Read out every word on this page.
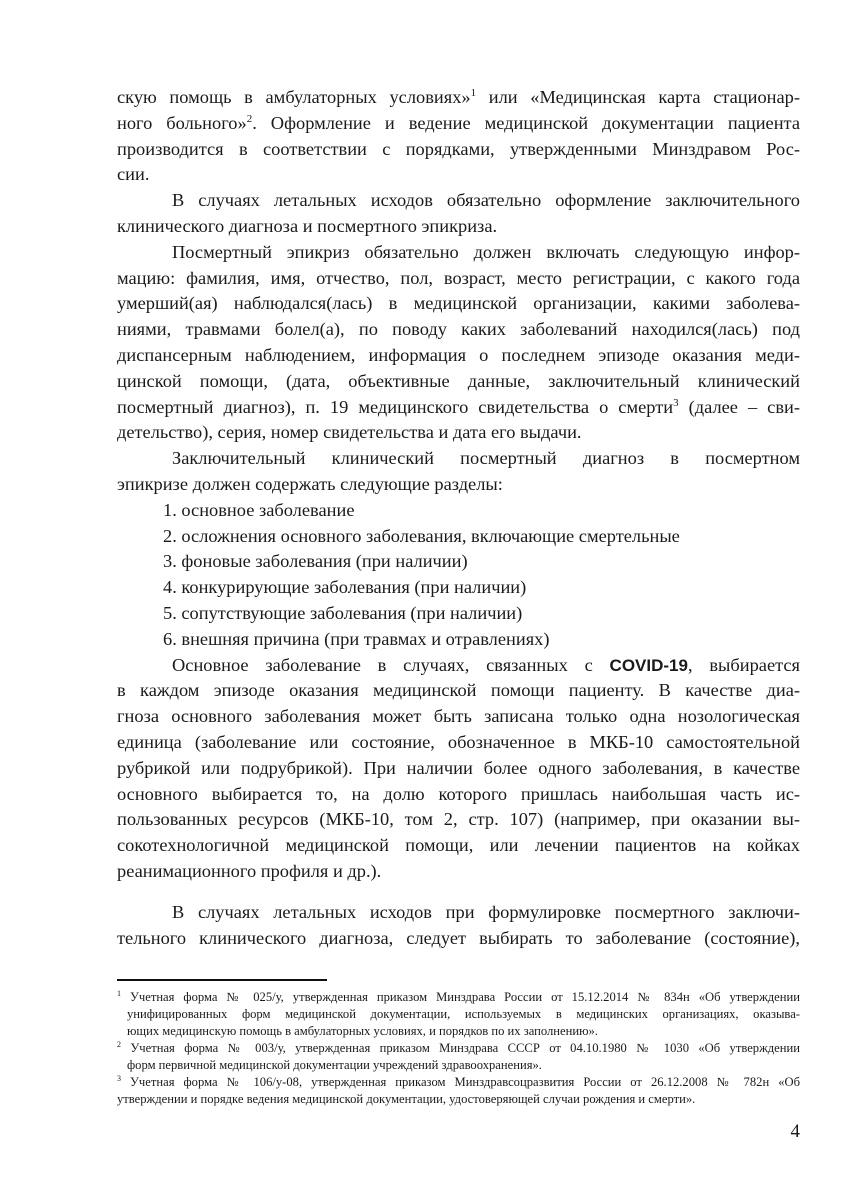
скую помощь в амбулаторных условиях»$^1$ или «Медицинская карта стационар-
ного больного»$^2$. Оформление и ведение медицинской документации пациента
производится в соответствии с порядками, утвержденными Минздравом Рос-
сии.
В случаях летальных исходов обязательно оформление заключительного
клинического диагноза и посмертного эпикриза.
Посмертный эпикриз обязательно должен включать следующую инфор-
мацию: фамилия, имя, отчество, пол, возраст, место регистрации, с какого года
умерший(ая) наблюдался(лась) в медицинской организации, какими заболева-
ниями, травмами болел(а), по поводу каких заболеваний находился(лась) под
диспансерным наблюдением, информация о последнем эпизоде оказания меди-
цинской помощи, (дата, объективные данные, заключительный клинический
посмертный диагноз), п. 19 медицинского свидетельства о смерти$^3$ (далее – сви-
детельство), серия, номер свидетельства и дата его выдачи.
Заключительный клинический посмертный диагноз в посмертном
эпикризе должен содержать следующие разделы:
1. основное заболевание
2. осложнения основного заболевания, включающие смертельные
3. фоновые заболевания (при наличии)
4. конкурирующие заболевания (при наличии)
5. сопутствующие заболевания (при наличии)
6. внешняя причина (при травмах и отравлениях)
Основное заболевание в случаях, связанных с COVID-19, выбирается
в каждом эпизоде оказания медицинской помощи пациенту. В качестве диа-
гноза основного заболевания может быть записана только одна нозологическая
единица (заболевание или состояние, обозначенное в МКБ-10 самостоятельной
рубрикой или подрубрикой). При наличии более одного заболевания, в качестве
основного выбирается то, на долю которого пришлась наибольшая часть ис-
пользованных ресурсов (МКБ-10, том 2, стр. 107) (например, при оказании вы-
сокотехнологичной медицинской помощи, или лечении пациентов на койках
реанимационного профиля и др.).
В случаях летальных исходов при формулировке посмертного заключи-
тельного клинического диагноза, следует выбирать то заболевание (состояние),
$^1$ Учетная форма № 025/у, утвержденная приказом Минздрава России от 15.12.2014 № 834н «Об утверждении
унифицированных форм медицинской документации, используемых в медицинских организациях, оказыва-
ющих медицинскую помощь в амбулаторных условиях, и порядков по их заполнению».
$^2$ Учетная форма № 003/у, утвержденная приказом Минздрава СССР от 04.10.1980 № 1030 «Об утверждении
форм первичной медицинской документации учреждений здравоохранения».
$^3$ Учетная форма № 106/у-08, утвержденная приказом Минздравсоцразвития России от 26.12.2008 № 782н «Об
утверждении и порядке ведения медицинской документации, удостоверяющей случаи рождения и смерти».
4
